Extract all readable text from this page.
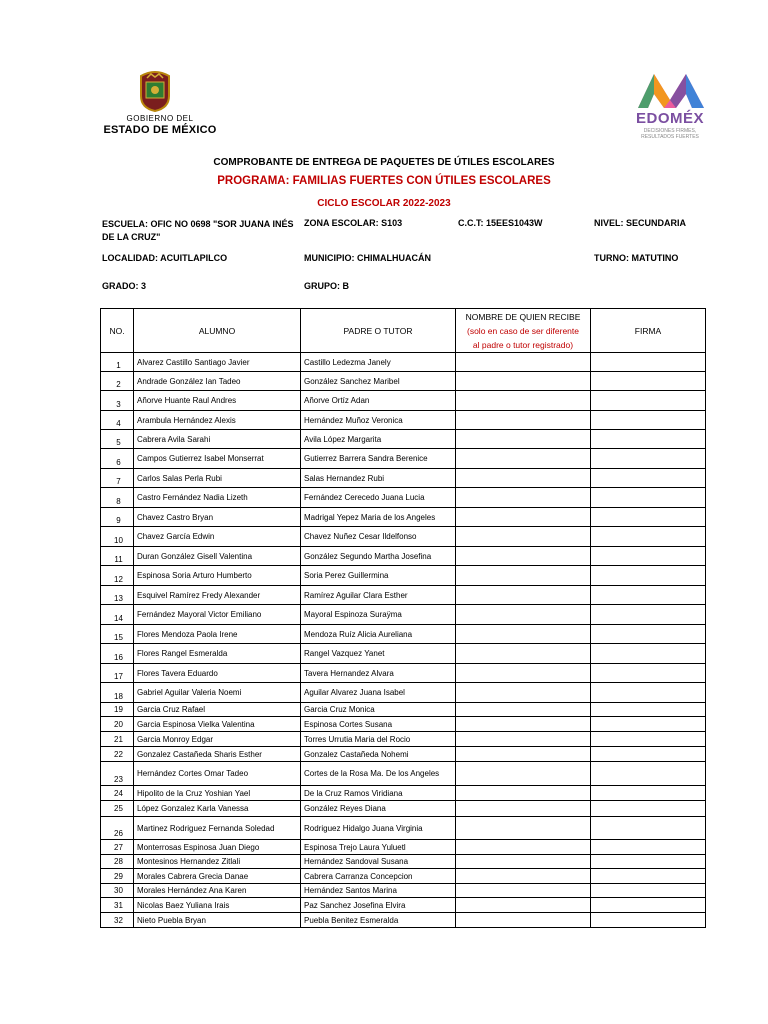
GOBIERNO DEL
ESTADO DE MÉXICO
EDOMÉX
DECISIONES FIRMES,
RESULTADOS FUERTES
COMPROBANTE DE ENTREGA DE PAQUETES DE ÚTILES ESCOLARES
PROGRAMA: FAMILIAS FUERTES CON ÚTILES ESCOLARES
CICLO ESCOLAR 2022-2023
ESCUELA: OFIC NO 0698 "SOR JUANA INÉS DE LA CRUZ"
ZONA ESCOLAR: S103	C.C.T: 15EES1043W	NIVEL: SECUNDARIA
LOCALIDAD: ACUITLAPILCO	MUNICIPIO: CHIMALHUACÁN	TURNO: MATUTINO
GRADO: 3	GRUPO: B
NO.	ALUMNO	PADRE O TUTOR	NOMBRE DE QUIEN RECIBE
(solo en caso de ser diferente
al padre o tutor registrado)	FIRMA
1	Alvarez Castillo Santiago Javier	Castillo Ledezma Janely		
2	Andrade González Ian Tadeo	González Sanchez Maribel		
3	Añorve Huante Raul Andres	Añorve Ortíz Adan		
4	Arambula Hernández Alexis	Hernández Muñoz Veronica		
5	Cabrera Avila Sarahi	Avila López Margarita		
6	Campos Gutierrez Isabel Monserrat	Gutierrez Barrera Sandra Berenice		
7	Carlos Salas Perla Rubi	Salas Hernandez Rubi		
8	Castro Fernández Nadia Lizeth	Fernández Cerecedo Juana Lucia		
9	Chavez Castro Bryan	Madrigal Yepez Maria de los Angeles		
10	Chavez García Edwin	Chavez Nuñez Cesar Ildelfonso		
11	Duran González Gisell Valentina	González Segundo Martha Josefina		
12	Espinosa Soria Arturo Humberto	Soria Perez Guillermina		
13	Esquivel Ramírez Fredy Alexander	Ramírez Aguilar Clara Esther		
14	Fernández Mayoral Victor Emiliano	Mayoral Espinoza Suraÿma		
15	Flores Mendoza Paola Irene	Mendoza Ruíz Alicia Aureliana		
16	Flores Rangel Esmeralda	Rangel Vazquez Yanet		
17	Flores Tavera Eduardo	Tavera Hernandez Alvara		
18	Gabriel Aguilar Valeria Noemi	Aguilar Alvarez Juana Isabel		
19	Garcia Cruz Rafael	Garcia Cruz Monica		
20	Garcia Espinosa Vielka Valentina	Espinosa Cortes Susana		
21	Garcia Monroy Edgar	Torres Urrutia Maria del Rocio		
22	Gonzalez Castañeda Sharis Esther	Gonzalez Castañeda Nohemi		
23	Hernández Cortes Omar Tadeo	Cortes de la Rosa Ma. De los Angeles		
24	Hipolito de la Cruz Yoshian Yael	De la Cruz Ramos Viridiana		
25	López Gonzalez Karla Vanessa	González Reyes Diana		
26	Martinez Rodriguez Fernanda Soledad	Rodriguez Hidalgo Juana Virginia		
27	Monterrosas Espinosa Juan Diego	Espinosa Trejo Laura Yuluetl		
28	Montesinos Hernandez Zitlali	Hernández Sandoval Susana		
29	Morales Cabrera Grecia Danae	Cabrera Carranza Concepcion		
30	Morales Hernández Ana Karen	Hernández Santos Marina		
31	Nicolas Baez Yuliana Irais	Paz Sanchez Josefina Elvira		
32	Nieto Puebla Bryan	Puebla Benitez Esmeralda		
